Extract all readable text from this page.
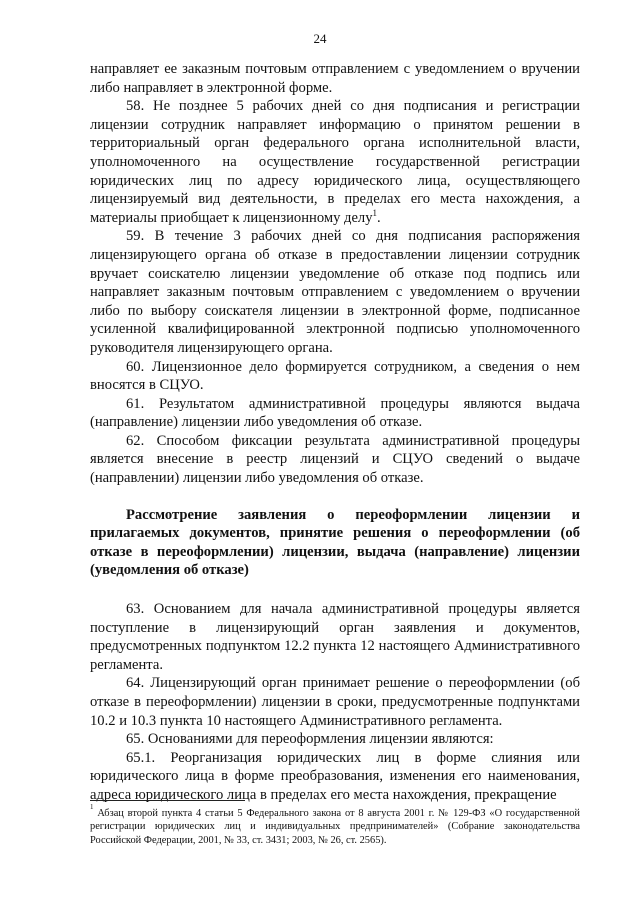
24

направляет ее заказным почтовым отправлением с уведомлением о вручении либо направляет в электронной форме.

58. Не позднее 5 рабочих дней со дня подписания и регистрации лицензии сотрудник направляет информацию о принятом решении в территориальный орган федерального органа исполнительной власти, уполномоченного на осуществление государственной регистрации юридических лиц по адресу юридического лица, осуществляющего лицензируемый вид деятельности, в пределах его места нахождения, а материалы приобщает к лицензионному делу$^1$.

59. В течение 3 рабочих дней со дня подписания распоряжения лицензирующего органа об отказе в предоставлении лицензии сотрудник вручает соискателю лицензии уведомление об отказе под подпись или направляет заказным почтовым отправлением с уведомлением о вручении либо по выбору соискателя лицензии в электронной форме, подписанное усиленной квалифицированной электронной подписью уполномоченного руководителя лицензирующего органа.

60. Лицензионное дело формируется сотрудником, а сведения о нем вносятся в СЦУО.

61. Результатом административной процедуры являются выдача (направление) лицензии либо уведомления об отказе.

62. Способом фиксации результата административной процедуры является внесение в реестр лицензий и СЦУО сведений о выдаче (направлении) лицензии либо уведомления об отказе.

Рассмотрение заявления о переоформлении лицензии и прилагаемых документов, принятие решения о переоформлении (об отказе в переоформлении) лицензии, выдача (направление) лицензии (уведомления об отказе)

63. Основанием для начала административной процедуры является поступление в лицензирующий орган заявления и документов, предусмотренных подпунктом 12.2 пункта 12 настоящего Административного регламента.

64. Лицензирующий орган принимает решение о переоформлении (об отказе в переоформлении) лицензии в сроки, предусмотренные подпунктами 10.2 и 10.3 пункта 10 настоящего Административного регламента.

65. Основаниями для переоформления лицензии являются:

65.1. Реорганизация юридических лиц в форме слияния или юридического лица в форме преобразования, изменения его наименования, адреса юридического лица в пределах его места нахождения, прекращение

$^1$ Абзац второй пункта 4 статьи 5 Федерального закона от 8 августа 2001 г. № 129-ФЗ «О государственной регистрации юридических лиц и индивидуальных предпринимателей» (Собрание законодательства Российской Федерации, 2001, № 33, ст. 3431; 2003, № 26, ст. 2565).
